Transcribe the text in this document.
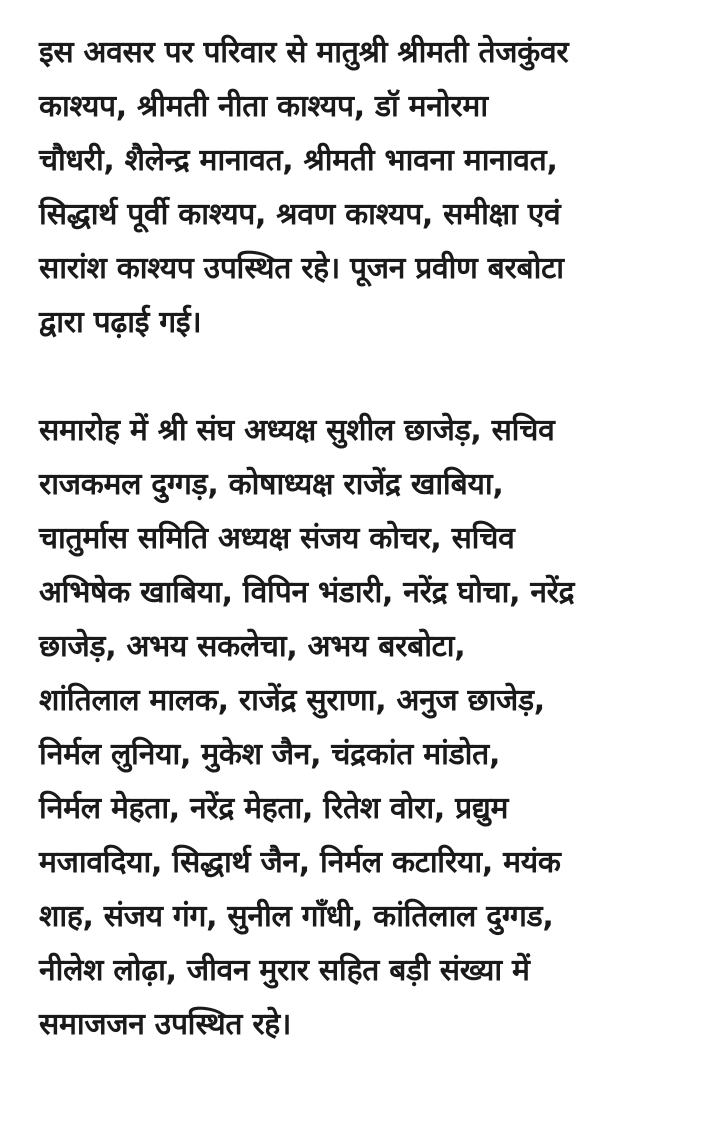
इस अवसर पर परिवार से मातुश्री श्रीमती तेजकुंवर
काश्यप, श्रीमती नीता काश्यप, डॉ मनोरमा
चौधरी, शैलेन्द्र मानावत, श्रीमती भावना मानावत,
सिद्धार्थ पूर्वी काश्यप, श्रवण काश्यप, समीक्षा एवं
सारांश काश्यप उपस्थित रहे। पूजन प्रवीण बरबोटा
द्वारा पढ़ाई गई।

समारोह में श्री संघ अध्यक्ष सुशील छाजेड़, सचिव
राजकमल दुग्गड़, कोषाध्यक्ष राजेंद्र खाबिया,
चातुर्मास समिति अध्यक्ष संजय कोचर, सचिव
अभिषेक खाबिया, विपिन भंडारी, नरेंद्र घोचा, नरेंद्र
छाजेड़, अभय सकलेचा, अभय बरबोटा,
शांतिलाल मालक, राजेंद्र सुराणा, अनुज छाजेड़,
निर्मल लुनिया, मुकेश जैन, चंद्रकांत मांडोत,
निर्मल मेहता, नरेंद्र मेहता, रितेश वोरा, प्रद्युम
मजावदिया, सिद्धार्थ जैन, निर्मल कटारिया, मयंक
शाह, संजय गंग, सुनील गाँधी, कांतिलाल दुग्गड,
नीलेश लोढ़ा, जीवन मुरार सहित बड़ी संख्या में
समाजजन उपस्थित रहे।
